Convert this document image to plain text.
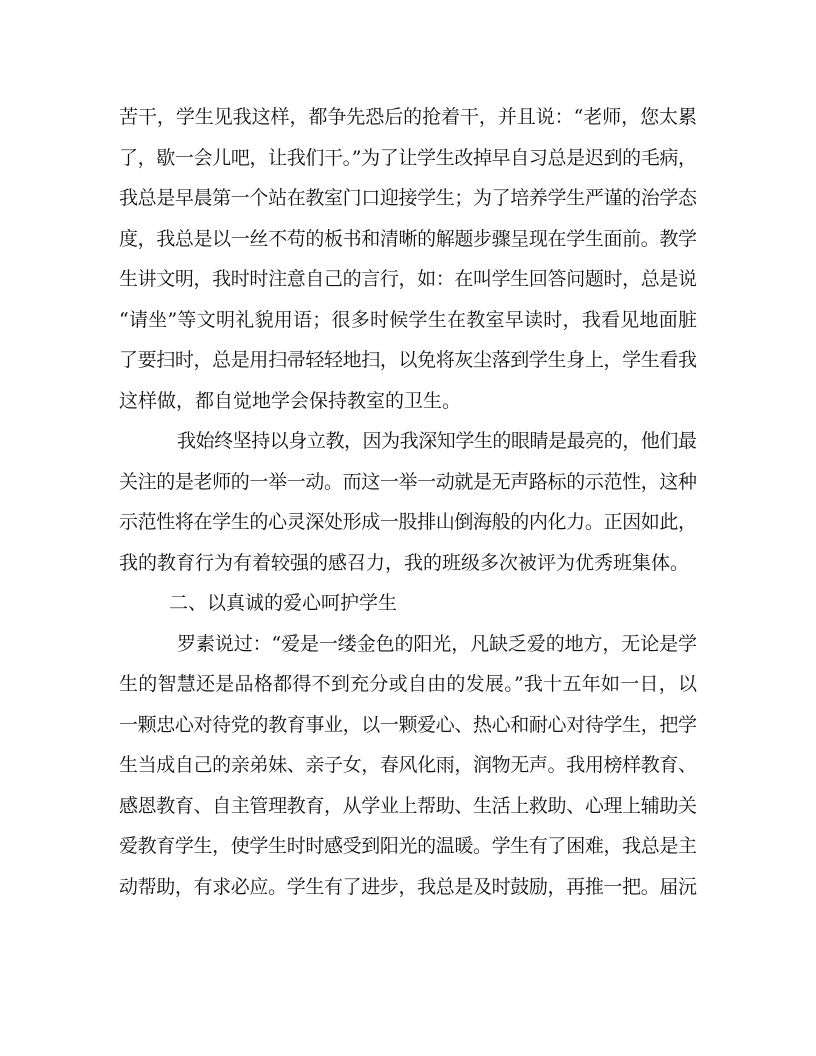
苦干，学生见我这样，都争先恐后的抢着干，并且说：“老师，您太累
了，歇一会儿吧，让我们干。”为了让学生改掉早自习总是迟到的毛病，
我总是早晨第一个站在教室门口迎接学生；为了培养学生严谨的治学态
度，我总是以一丝不苟的板书和清晰的解题步骤呈现在学生面前。教学
生讲文明，我时时注意自己的言行，如：在叫学生回答问题时，总是说
“请坐”等文明礼貌用语；很多时候学生在教室早读时，我看见地面脏
了要扫时，总是用扫帚轻轻地扫，以免将灰尘落到学生身上，学生看我
这样做，都自觉地学会保持教室的卫生。
我始终坚持以身立教，因为我深知学生的眼睛是最亮的，他们最
关注的是老师的一举一动。而这一举一动就是无声路标的示范性，这种
示范性将在学生的心灵深处形成一股排山倒海般的内化力。正因如此，
我的教育行为有着较强的感召力，我的班级多次被评为优秀班集体。
二、以真诚的爱心呵护学生
罗素说过：“爱是一缕金色的阳光，凡缺乏爱的地方，无论是学
生的智慧还是品格都得不到充分或自由的发展。”我十五年如一日，以
一颗忠心对待党的教育事业，以一颗爱心、热心和耐心对待学生，把学
生当成自己的亲弟妹、亲子女，春风化雨，润物无声。我用榜样教育、
感恩教育、自主管理教育，从学业上帮助、生活上救助、心理上辅助关
爱教育学生，使学生时时感受到阳光的温暖。学生有了困难，我总是主
动帮助，有求必应。学生有了进步，我总是及时鼓励，再推一把。届沅
